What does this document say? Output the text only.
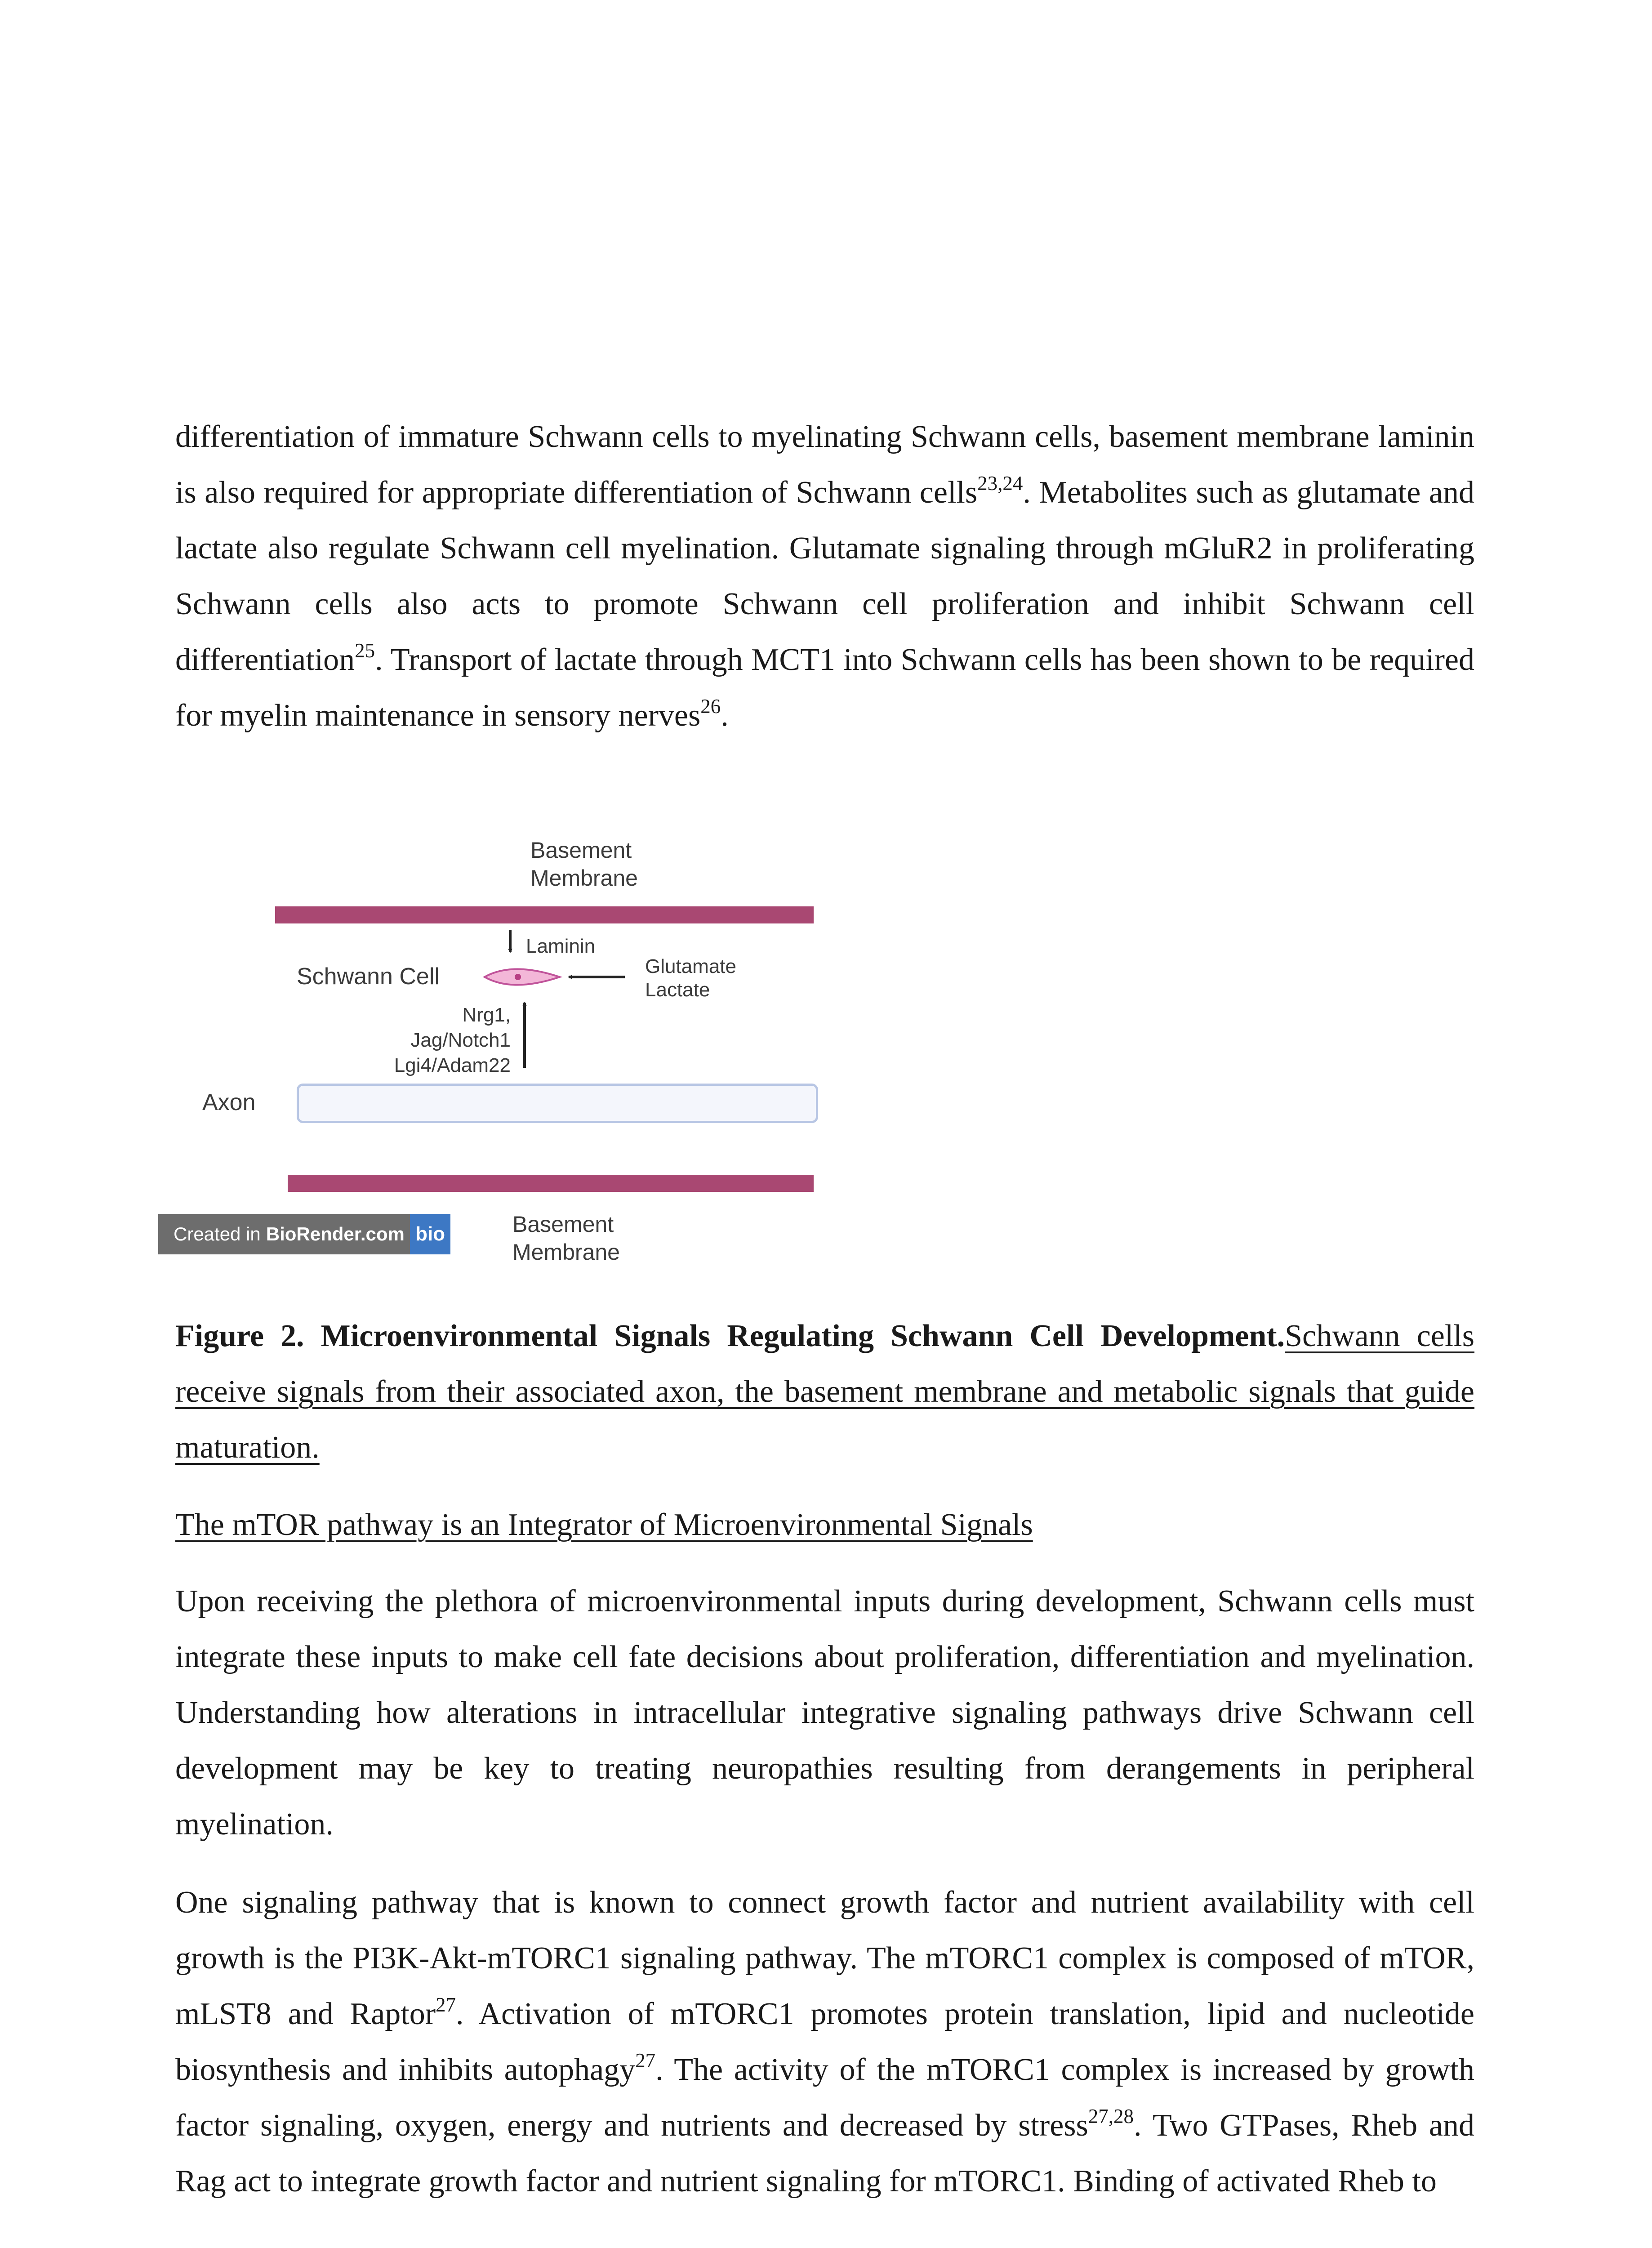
differentiation of immature Schwann cells to myelinating Schwann cells, basement membrane laminin is also required for appropriate differentiation of Schwann cells$^{23,24}$. Metabolites such as glutamate and lactate also regulate Schwann cell myelination. Glutamate signaling through mGluR2 in proliferating Schwann cells also acts to promote Schwann cell proliferation and inhibit Schwann cell differentiation$^{25}$. Transport of lactate through MCT1 into Schwann cells has been shown to be required for myelin maintenance in sensory nerves$^{26}$.

Basement
Membrane
Laminin
Schwann Cell	Glutamate
Lactate
Nrg1,
Jag/Notch1
Lgi4/Adam22
Axon
Basement
Membrane
Created in BioRender.com bio
Figure 2. Microenvironmental Signals Regulating Schwann Cell Development.Schwann cells receive signals from their associated axon, the basement membrane and metabolic signals that guide maturation.
The mTOR pathway is an Integrator of Microenvironmental Signals

Upon receiving the plethora of microenvironmental inputs during development, Schwann cells must integrate these inputs to make cell fate decisions about proliferation, differentiation and myelination. Understanding how alterations in intracellular integrative signaling pathways drive Schwann cell development may be key to treating neuropathies resulting from derangements in peripheral myelination.

One signaling pathway that is known to connect growth factor and nutrient availability with cell growth is the PI3K-Akt-mTORC1 signaling pathway. The mTORC1 complex is composed of mTOR, mLST8 and Raptor$^{27}$. Activation of mTORC1 promotes protein translation, lipid and nucleotide biosynthesis and inhibits autophagy$^{27}$. The activity of the mTORC1 complex is increased by growth factor signaling, oxygen, energy and nutrients and decreased by stress$^{27,28}$. Two GTPases, Rheb and Rag act to integrate growth factor and nutrient signaling for mTORC1. Binding of activated Rheb to
